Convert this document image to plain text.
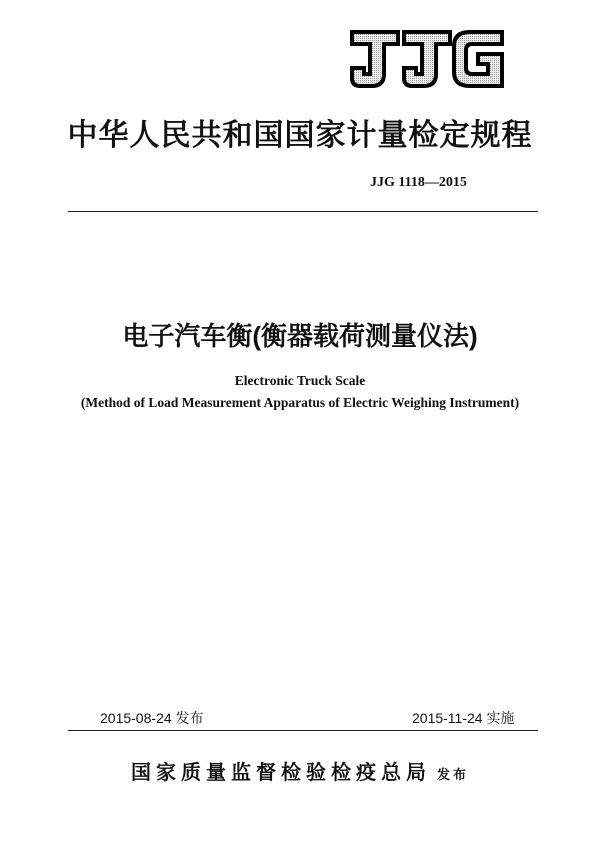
中华人民共和国国家计量检定规程
JJG 1118—2015
电子汽车衡(衡器载荷测量仪法)
Electronic Truck Scale
(Method of Load Measurement Apparatus of Electric Weighing Instrument)
2015-08-24 发布	2015-11-24 实施
国家质量监督检验检疫总局 发布
